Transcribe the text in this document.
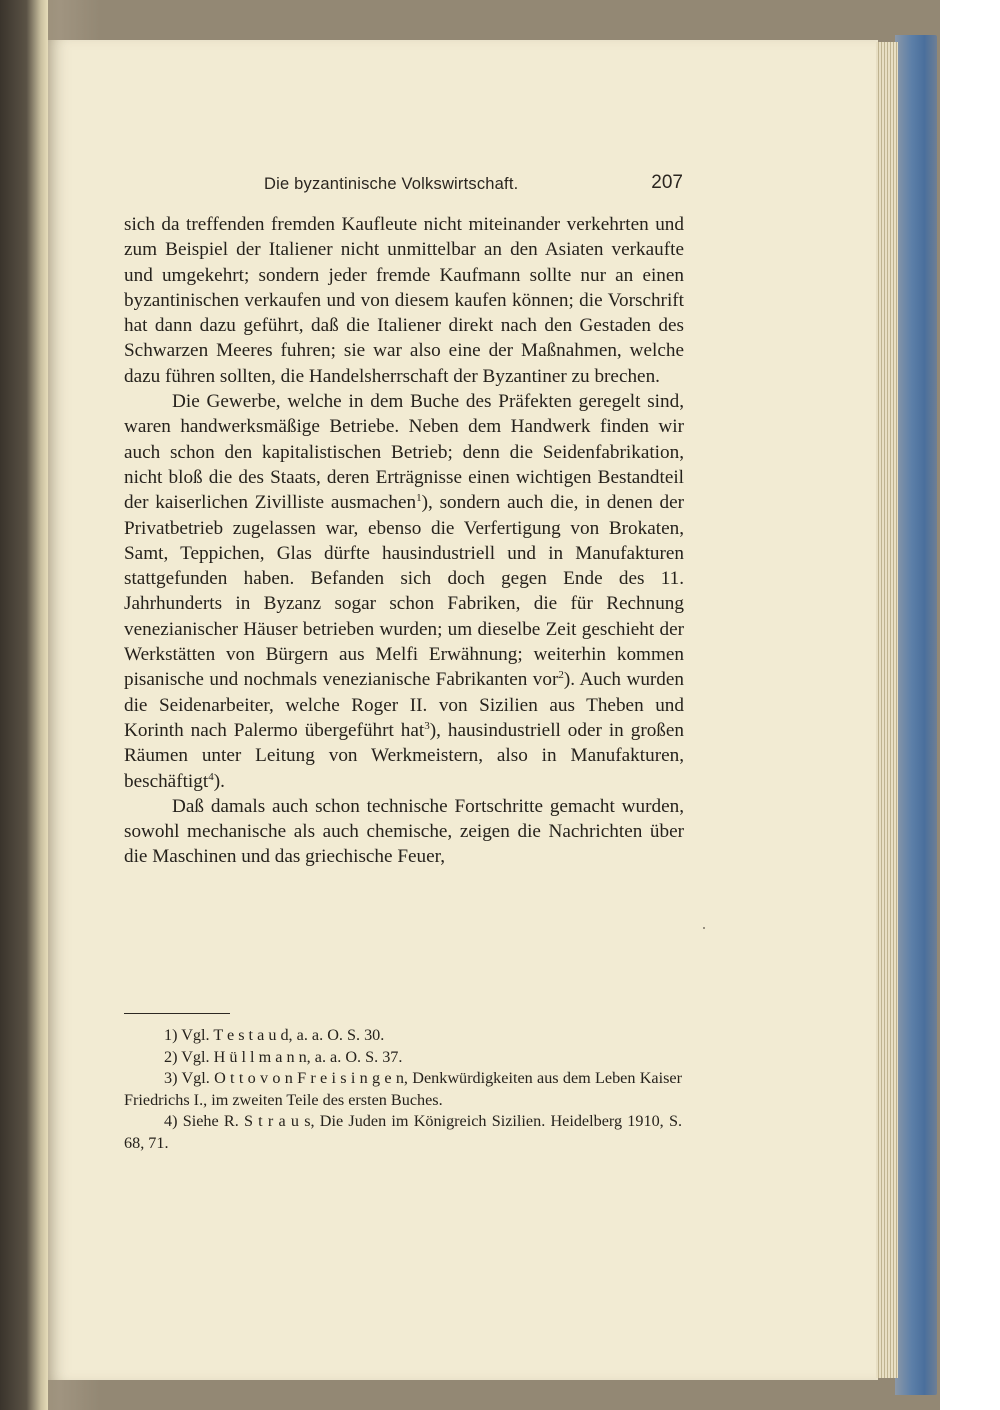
Die byzantinische Volkswirtschaft.	207

sich da treffenden fremden Kaufleute nicht miteinander verkehrten und zum Beispiel der Italiener nicht unmittelbar an den Asiaten verkaufte und umgekehrt; sondern jeder fremde Kaufmann sollte nur an einen byzantinischen verkaufen und von diesem kaufen können; die Vorschrift hat dann dazu geführt, daß die Italiener direkt nach den Gestaden des Schwarzen Meeres fuhren; sie war also eine der Maßnahmen, welche dazu führen sollten, die Handelsherrschaft der Byzantiner zu brechen.

Die Gewerbe, welche in dem Buche des Präfekten geregelt sind, waren handwerksmäßige Betriebe. Neben dem Handwerk finden wir auch schon den kapitalistischen Betrieb; denn die Seidenfabrikation, nicht bloß die des Staats, deren Erträgnisse einen wichtigen Bestandteil der kaiserlichen Zivilliste ausmachen$^1$), sondern auch die, in denen der Privatbetrieb zugelassen war, ebenso die Verfertigung von Brokaten, Samt, Teppichen, Glas dürfte hausindustriell und in Manufakturen stattgefunden haben. Befanden sich doch gegen Ende des 11. Jahrhunderts in Byzanz sogar schon Fabriken, die für Rechnung venezianischer Häuser betrieben wurden; um dieselbe Zeit geschieht der Werkstätten von Bürgern aus Melfi Erwähnung; weiterhin kommen pisanische und nochmals venezianische Fabrikanten vor$^2$). Auch wurden die Seidenarbeiter, welche Roger II. von Sizilien aus Theben und Korinth nach Palermo übergeführt hat$^3$), hausindustriell oder in großen Räumen unter Leitung von Werkmeistern, also in Manufakturen, beschäftigt$^4$).

Daß damals auch schon technische Fortschritte gemacht wurden, sowohl mechanische als auch chemische, zeigen die Nachrichten über die Maschinen und das griechische Feuer,

1) Vgl. T e s t a u d, a. a. O. S. 30.

2) Vgl. H ü l l m a n n, a. a. O. S. 37.

3) Vgl. O t t o v o n F r e i s i n g e n, Denkwürdigkeiten aus dem Leben Kaiser Friedrichs I., im zweiten Teile des ersten Buches.

4) Siehe R. S t r a u s, Die Juden im Königreich Sizilien. Heidelberg 1910, S. 68, 71.
